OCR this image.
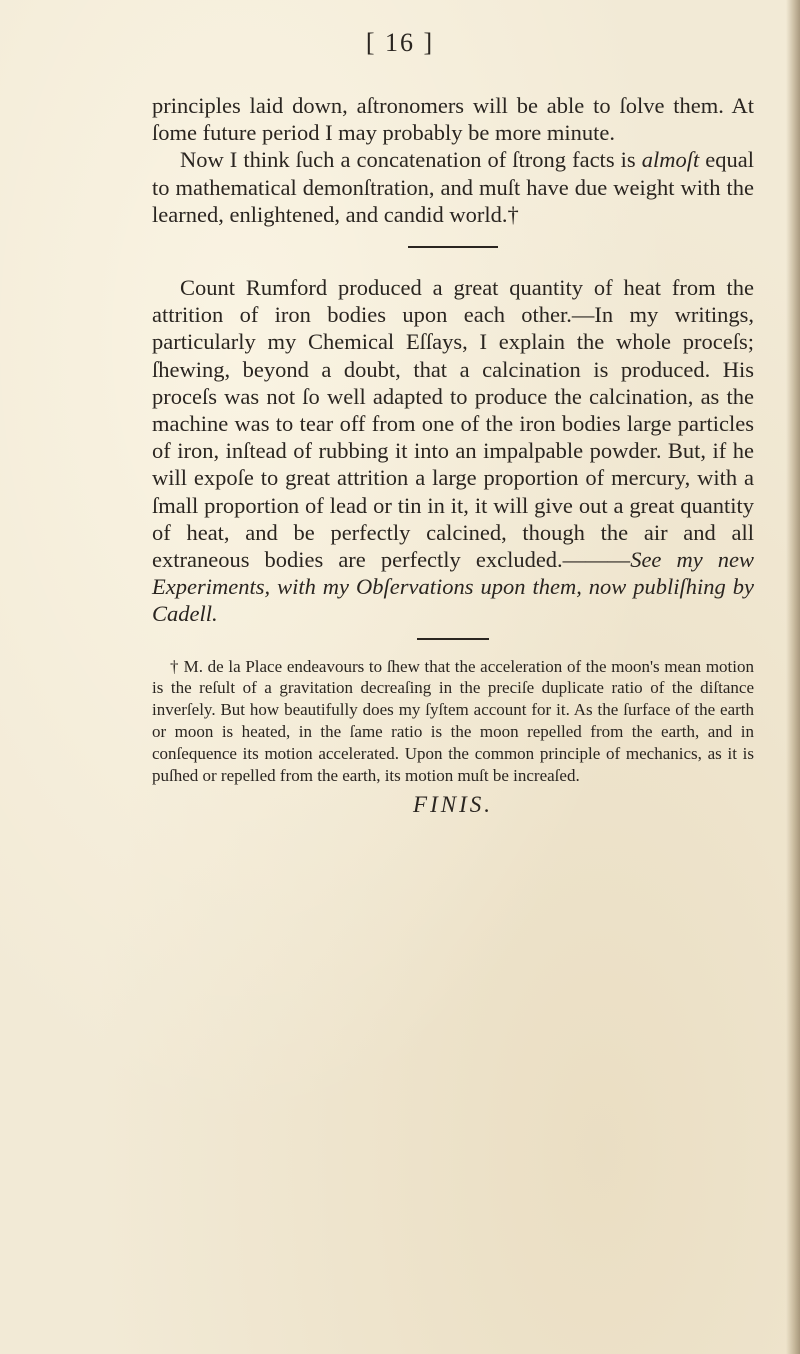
[ 16 ]

principles laid down, aſtronomers will be able to ſolve them. At ſome future period I may probably be more minute.

Now I think ſuch a concatenation of ſtrong facts is almoſt equal to mathematical demonſtration, and muſt have due weight with the learned, enlightened, and candid world.†

Count Rumford produced a great quantity of heat from the attrition of iron bodies upon each other.—In my writings, particularly my Chemical Eſſays, I explain the whole proceſs; ſhewing, beyond a doubt, that a calcination is produced. His proceſs was not ſo well adapted to produce the calcination, as the machine was to tear off from one of the iron bodies large particles of iron, inſtead of rubbing it into an impalpable powder. But, if he will expoſe to great attrition a large proportion of mercury, with a ſmall proportion of lead or tin in it, it will give out a great quantity of heat, and be perfectly calcined, though the air and all extraneous bodies are perfectly excluded.———See my new Experiments, with my Obſervations upon them, now publiſhing by Cadell.

† M. de la Place endeavours to ſhew that the acceleration of the moon's mean motion is the reſult of a gravitation decreaſing in the preciſe duplicate ratio of the diſtance inverſely. But how beautifully does my ſyſtem account for it. As the ſurface of the earth or moon is heated, in the ſame ratio is the moon repelled from the earth, and in conſequence its motion accelerated. Upon the common principle of mechanics, as it is puſhed or repelled from the earth, its motion muſt be increaſed.

FINIS.
